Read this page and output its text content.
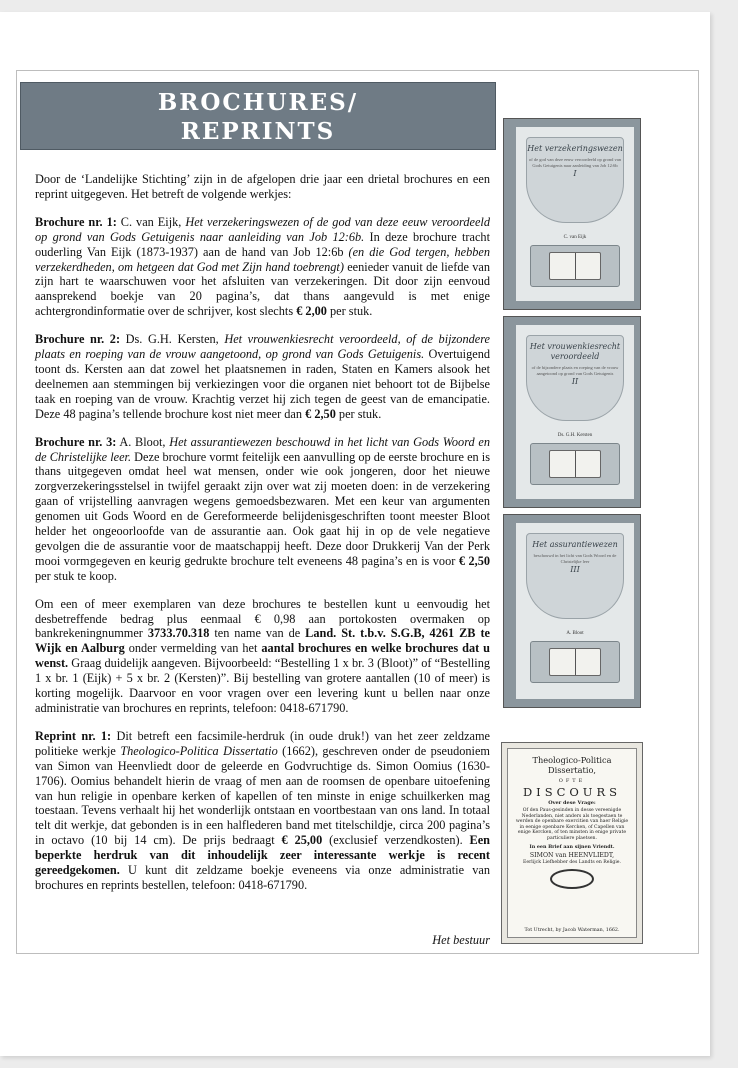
BROCHURES/
REPRINTS

Door de ‘Landelijke Stichting’ zijn in de afgelopen drie jaar een drietal brochures en een reprint uitgegeven. Het betreft de volgende werkjes:

Brochure nr. 1: C. van Eijk, Het verzekeringswezen of de god van deze eeuw veroordeeld op grond van Gods Getuigenis naar aanleiding van Job 12:6b. In deze brochure tracht ouderling Van Eijk (1873-1937) aan de hand van Job 12:6b (en die God tergen, hebben verzekerdheden, om hetgeen dat God met Zijn hand toebrengt) eenieder vanuit de liefde van zijn hart te waarschuwen voor het afsluiten van verzekeringen. Dit door zijn eenvoud aansprekend boekje van 20 pagina’s, dat thans aangevuld is met enige achtergrondinformatie over de schrijver, kost slechts € 2,00 per stuk.

Brochure nr. 2: Ds. G.H. Kersten, Het vrouwenkiesrecht veroordeeld, of de bijzondere plaats en roeping van de vrouw aangetoond, op grond van Gods Getuigenis. Overtuigend toont ds. Kersten aan dat zowel het plaatsnemen in raden, Staten en Kamers alsook het deelnemen aan stemmingen bij verkiezingen voor die organen niet behoort tot de Bijbelse taak en roeping van de vrouw. Krachtig verzet hij zich tegen de geest van de emancipatie. Deze 48 pagina’s tellende brochure kost niet meer dan € 2,50 per stuk.

Brochure nr. 3: A. Bloot, Het assurantiewezen beschouwd in het licht van Gods Woord en de Christelijke leer. Deze brochure vormt feitelijk een aanvulling op de eerste brochure en is thans uitgegeven omdat heel wat mensen, onder wie ook jongeren, door het nieuwe zorgverzekeringsstelsel in twijfel geraakt zijn over wat zij moeten doen: in de verzekering gaan of vrijstelling aanvragen wegens gemoedsbezwaren. Met een keur van argumenten genomen uit Gods Woord en de Gereformeerde belijdenisgeschriften toont meester Bloot helder het ongeoorloofde van de assurantie aan. Ook gaat hij in op de vele negatieve gevolgen die de assurantie voor de maatschappij heeft. Deze door Drukkerij Van der Perk mooi vormgegeven en keurig gedrukte brochure telt eveneens 48 pagina’s en is voor € 2,50 per stuk te koop.

Om een of meer exemplaren van deze brochures te bestellen kunt u eenvoudig het desbetreffende bedrag plus eenmaal € 0,98 aan portokosten overmaken op bankrekeningnummer 3733.70.318 ten name van de Land. St. t.b.v. S.G.B, 4261 ZB te Wijk en Aalburg onder vermelding van het aantal brochures en welke brochures dat u wenst. Graag duidelijk aangeven. Bijvoorbeeld: “Bestelling 1 x br. 3 (Bloot)” of “Bestelling 1 x br. 1 (Eijk) + 5 x br. 2 (Kersten)”. Bij bestelling van grotere aantallen (10 of meer) is korting mogelijk. Daarvoor en voor vragen over een levering kunt u bellen naar onze administratie van brochures en reprints, telefoon: 0418-671790.

Reprint nr. 1: Dit betreft een facsimile-herdruk (in oude druk!) van het zeer zeldzame politieke werkje Theologico-Politica Dissertatio (1662), geschreven onder de pseudoniem van Simon van Heenvliedt door de geleerde en Godvruchtige ds. Simon Oomius (1630-1706). Oomius behandelt hierin de vraag of men aan de roomsen de openbare uitoefening van hun religie in openbare kerken of kapellen of ten minste in enige schuilkerken mag toestaan. Tevens verhaalt hij het wonderlijk ontstaan en voortbestaan van ons land. In totaal telt dit werkje, dat gebonden is in een halflederen band met titelschildje, circa 200 pagina’s in octavo (10 bij 14 cm). De prijs bedraagt € 25,00 (exclusief verzendkosten). Een beperkte herdruk van dit inhoudelijk zeer interessante werkje is recent gereedgekomen. U kunt dit zeldzame boekje eveneens via onze administratie van brochures en reprints bestellen, telefoon: 0418-671790.

Het bestuur
Het verzekeringswezen
of de god van deze eeuw veroordeeld op grond van Gods Getuigenis naar aanleiding van Job 12:6b
I
C. van Eijk
Het vrouwenkiesrecht veroordeeld
of de bijzondere plaats en roeping van de vrouw aangetoond op grond van Gods Getuigenis
II
Ds. G.H. Kersten
Het assurantiewezen
beschouwd in het licht van Gods Woord en de Christelijke leer
III
A. Bloot
Theologico-Politica Dissertatio,
OFTE
DISCOURS
Over dese Vrage:
Of den Paus-gesinden in desse vereenigde Nederlanden, niet anders als toegestaen te werden de openbare exercitien van haer Religie in eenige openbare Kercken, of Capellen van enige Kercken, of ten minsten in enige private particuliere plaetsen.
In een Brief aan sijnen Vriendt.
SIMON van HEENVLIEDT,
Eerlijck Liefhebber des Landts en Religie.
Tot Utrecht, by Jacob Waterman, 1662.
